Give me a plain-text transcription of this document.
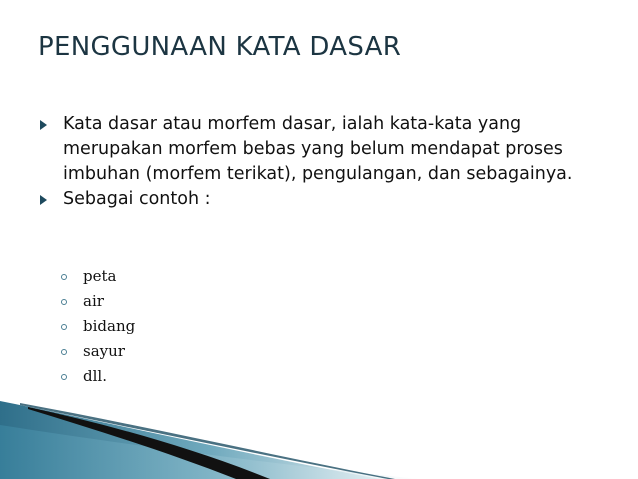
PENGGUNAAN KATA DASAR
Kata dasar atau morfem dasar, ialah kata-kata yang merupakan morfem bebas yang belum mendapat proses imbuhan (morfem terikat), pengulangan, dan sebagainya.
Sebagai contoh :
peta
air
bidang
sayur
dll.
